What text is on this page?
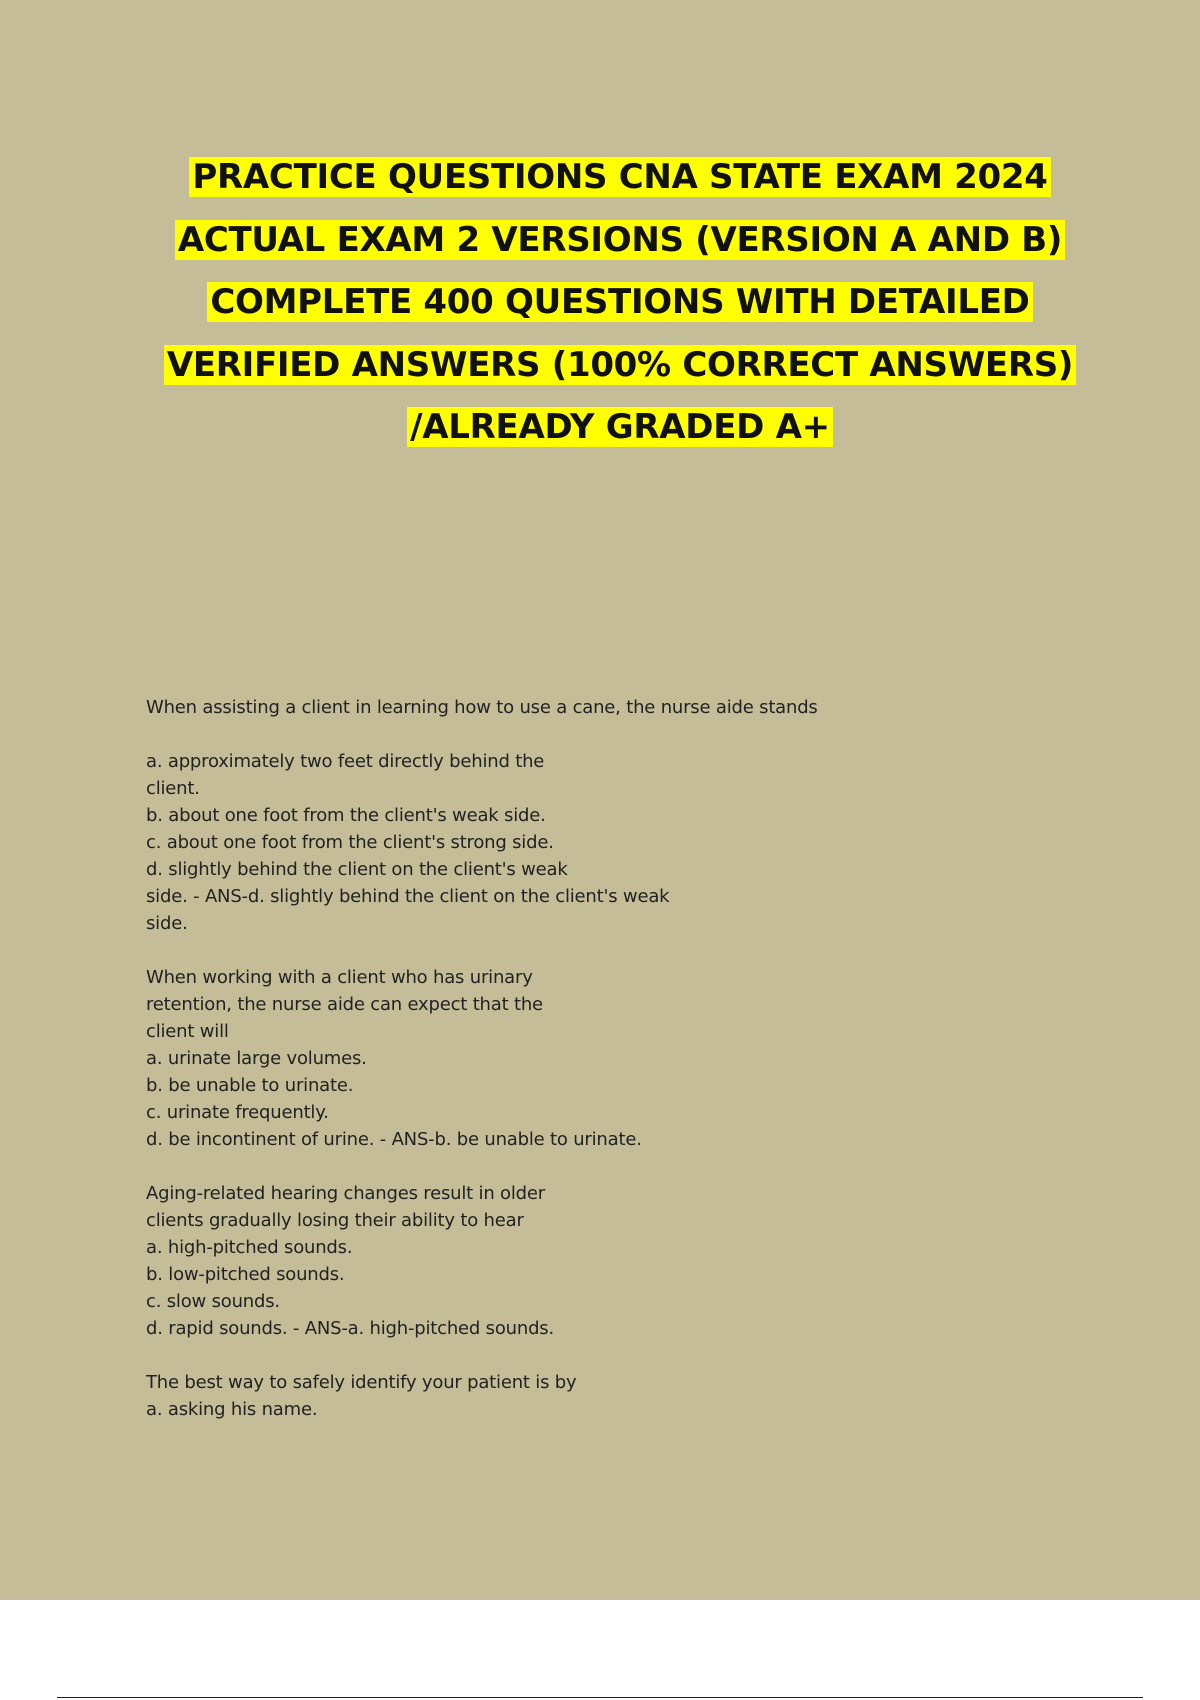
PRACTICE QUESTIONS CNA STATE EXAM 2024
ACTUAL EXAM 2 VERSIONS (VERSION A AND B)
COMPLETE 400 QUESTIONS WITH DETAILED
VERIFIED ANSWERS (100% CORRECT ANSWERS)
/ALREADY GRADED A+
When assisting a client in learning how to use a cane, the nurse aide stands
a. approximately two feet directly behind the
client.
b. about one foot from the client's weak side.
c. about one foot from the client's strong side.
d. slightly behind the client on the client's weak
side. - ANS-d. slightly behind the client on the client's weak
side.
When working with a client who has urinary
retention, the nurse aide can expect that the
client will
a. urinate large volumes.
b. be unable to urinate.
c. urinate frequently.
d. be incontinent of urine. - ANS-b. be unable to urinate.
Aging-related hearing changes result in older
clients gradually losing their ability to hear
a. high-pitched sounds.
b. low-pitched sounds.
c. slow sounds.
d. rapid sounds. - ANS-a. high-pitched sounds.
The best way to safely identify your patient is by
a. asking his name.
